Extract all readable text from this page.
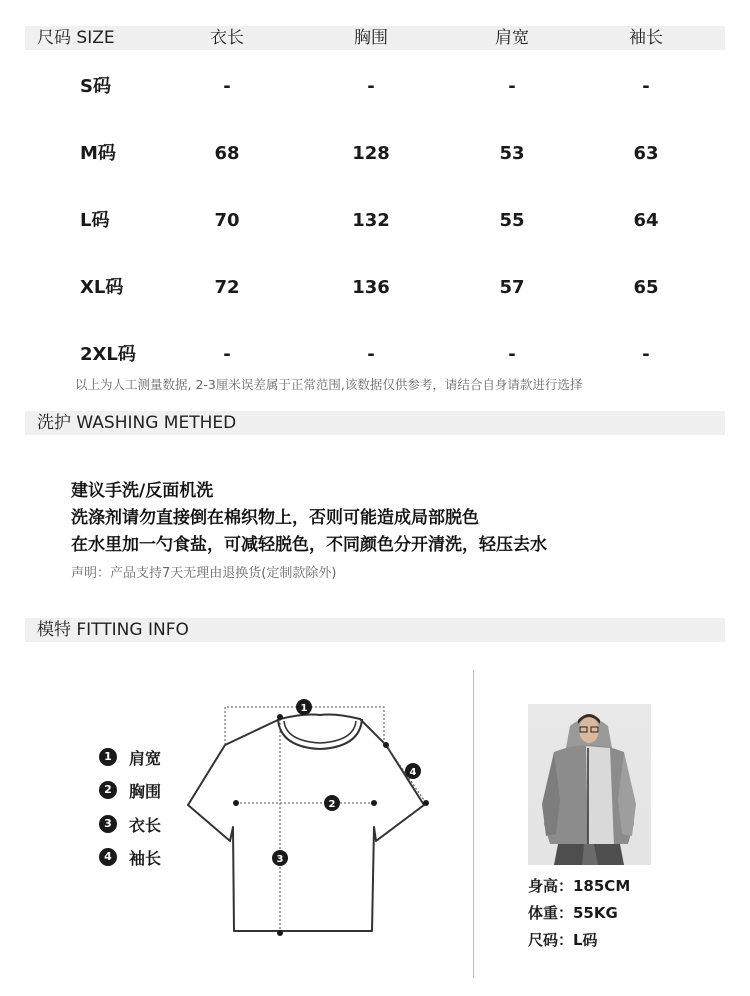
尺码 SIZE	衣长	胸围	肩宽	袖长
S码	-	-	-	-
M码	68	128	53	63
L码	70	132	55	64
XL码	72	136	57	65
2XL码	-	-	-	-
以上为人工测量数据, 2-3厘米误差属于正常范围,该数据仅供参考，请结合自身请款进行选择
洗护 WASHING METHED
建议手洗/反面机洗
洗涤剂请勿直接倒在棉织物上，否则可能造成局部脱色
在水里加一勺食盐，可减轻脱色，不同颜色分开清洗，轻压去水
声明：产品支持7天无理由退换货(定制款除外)
模特 FITTING INFO
1	肩宽
2	胸围
3	衣长
4	袖长
1
2
3
4
身高：185CM
体重：55KG
尺码：L码
